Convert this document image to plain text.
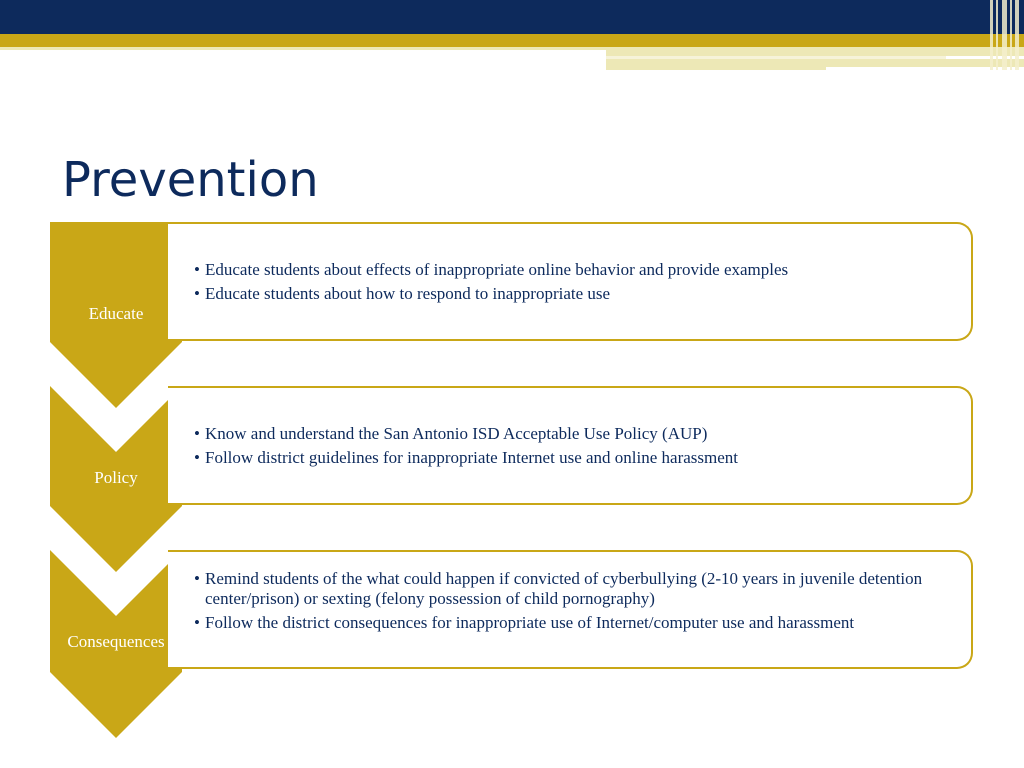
Prevention
• Educate students about effects of inappropriate online behavior and provide examples
• Educate students about how to respond to inappropriate use
• Know and understand the San Antonio ISD Acceptable Use Policy (AUP)
• Follow district guidelines for inappropriate Internet use and online harassment
• Remind students of the what could happen if convicted of cyberbullying (2-10 years in juvenile detention center/prison) or sexting (felony possession of child pornography)
• Follow the district consequences for inappropriate use of Internet/computer use and harassment
Educate
Policy
Consequences
